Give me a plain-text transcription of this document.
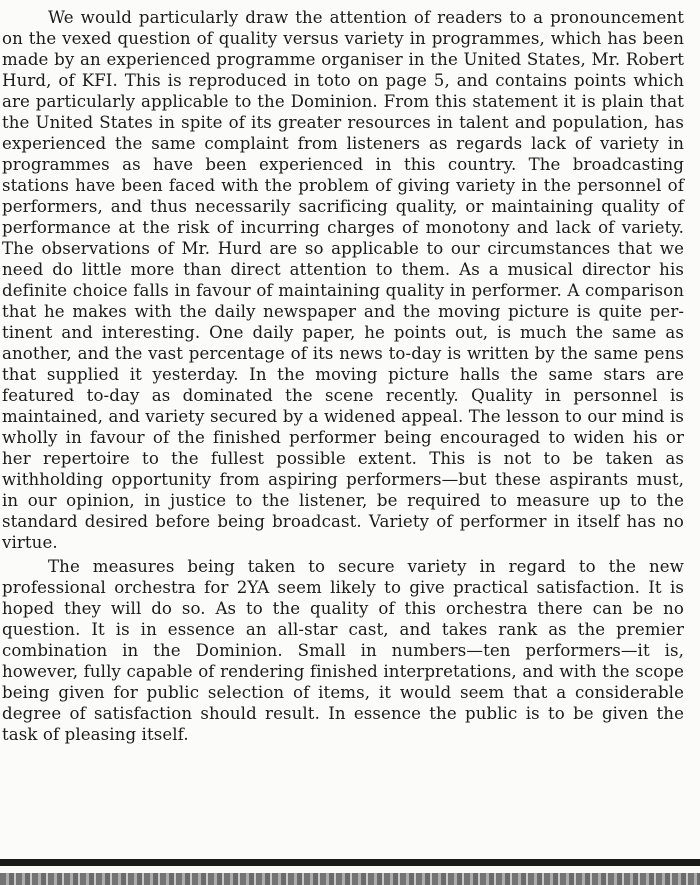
We would particularly draw the attention of readers to a pronouncement on the vexed question of quality versus variety in programmes, which has been made by an experienced programme organiser in the United States, Mr. Robert Hurd, of KFI. This is reproduced in toto on page 5, and contains points which are particularly applicable to the Dominion. From this statement it is plain that the United States in spite of its greater resources in talent and population, has experienced the same complaint from listeners as regards lack of variety in programmes as have been experienced in this country. The broadcasting stations have been faced with the problem of giving variety in the personnel of performers, and thus necessarily sacrificing quality, or maintaining quality of performance at the risk of incurring charges of monotony and lack of variety. The observations of Mr. Hurd are so applicable to our circumstances that we need do little more than direct attention to them. As a musical director his definite choice falls in favour of maintaining quality in performer. A comparison that he makes with the daily newspaper and the moving picture is quite pertinent and interesting. One daily paper, he points out, is much the same as another, and the vast percentage of its news to-day is written by the same pens that supplied it yesterday. In the moving picture halls the same stars are featured to-day as dominated the scene recently. Quality in personnel is maintained, and variety secured by a widened appeal. The lesson to our mind is wholly in favour of the finished performer being encouraged to widen his or her repertoire to the fullest possible extent. This is not to be taken as withholding opportunity from aspiring performers—but these aspirants must, in our opinion, in justice to the listener, be required to measure up to the standard desired before being broadcast. Variety of performer in itself has no virtue.

The measures being taken to secure variety in regard to the new professional orchestra for 2YA seem likely to give practical satisfaction. It is hoped they will do so. As to the quality of this orchestra there can be no question. It is in essence an all-star cast, and takes rank as the premier combination in the Dominion. Small in numbers—ten performers—it is, however, fully capable of rendering finished interpretations, and with the scope being given for public selection of items, it would seem that a considerable degree of satisfaction should result. In essence the public is to be given the task of pleasing itself.
